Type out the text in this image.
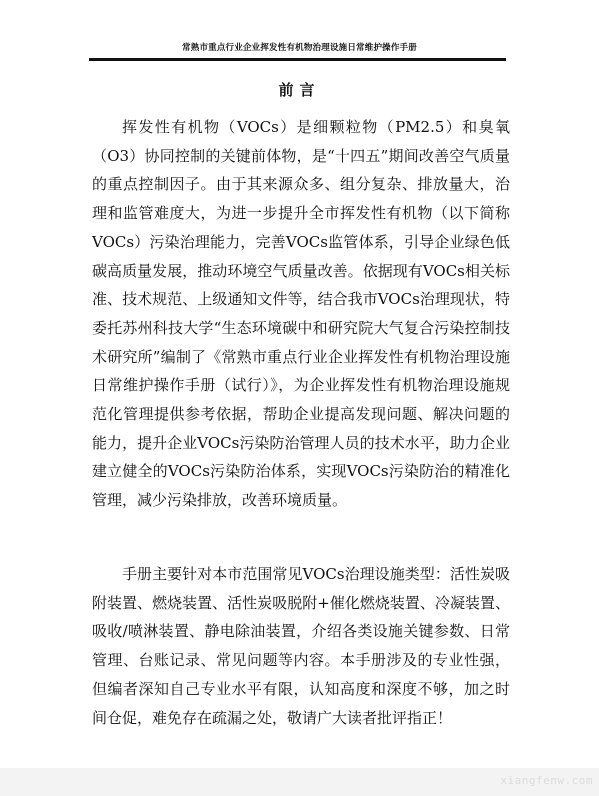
常熟市重点行业企业挥发性有机物治理设施日常维护操作手册
前言

挥发性有机物（VOCs）是细颗粒物（PM2.5）和臭氧（O3）协同控制的关键前体物，是“十四五”期间改善空气质量的重点控制因子。由于其来源众多、组分复杂、排放量大，治理和监管难度大，为进一步提升全市挥发性有机物（以下简称VOCs）污染治理能力，完善VOCs监管体系，引导企业绿色低碳高质量发展，推动环境空气质量改善。依据现有VOCs相关标准、技术规范、上级通知文件等，结合我市VOCs治理现状，特委托苏州科技大学“生态环境碳中和研究院大气复合污染控制技术研究所”编制了《常熟市重点行业企业挥发性有机物治理设施日常维护操作手册（试行）》，为企业挥发性有机物治理设施规范化管理提供参考依据，帮助企业提高发现问题、解决问题的能力，提升企业VOCs污染防治管理人员的技术水平，助力企业建立健全的VOCs污染防治体系，实现VOCs污染防治的精准化管理，减少污染排放，改善环境质量。

手册主要针对本市范围常见VOCs治理设施类型：活性炭吸附装置、燃烧装置、活性炭吸脱附+催化燃烧装置、冷凝装置、吸收/喷淋装置、静电除油装置，介绍各类设施关键参数、日常管理、台账记录、常见问题等内容。本手册涉及的专业性强，但编者深知自己专业水平有限，认知高度和深度不够，加之时间仓促，难免存在疏漏之处，敬请广大读者批评指正！

xiangfenw.com
